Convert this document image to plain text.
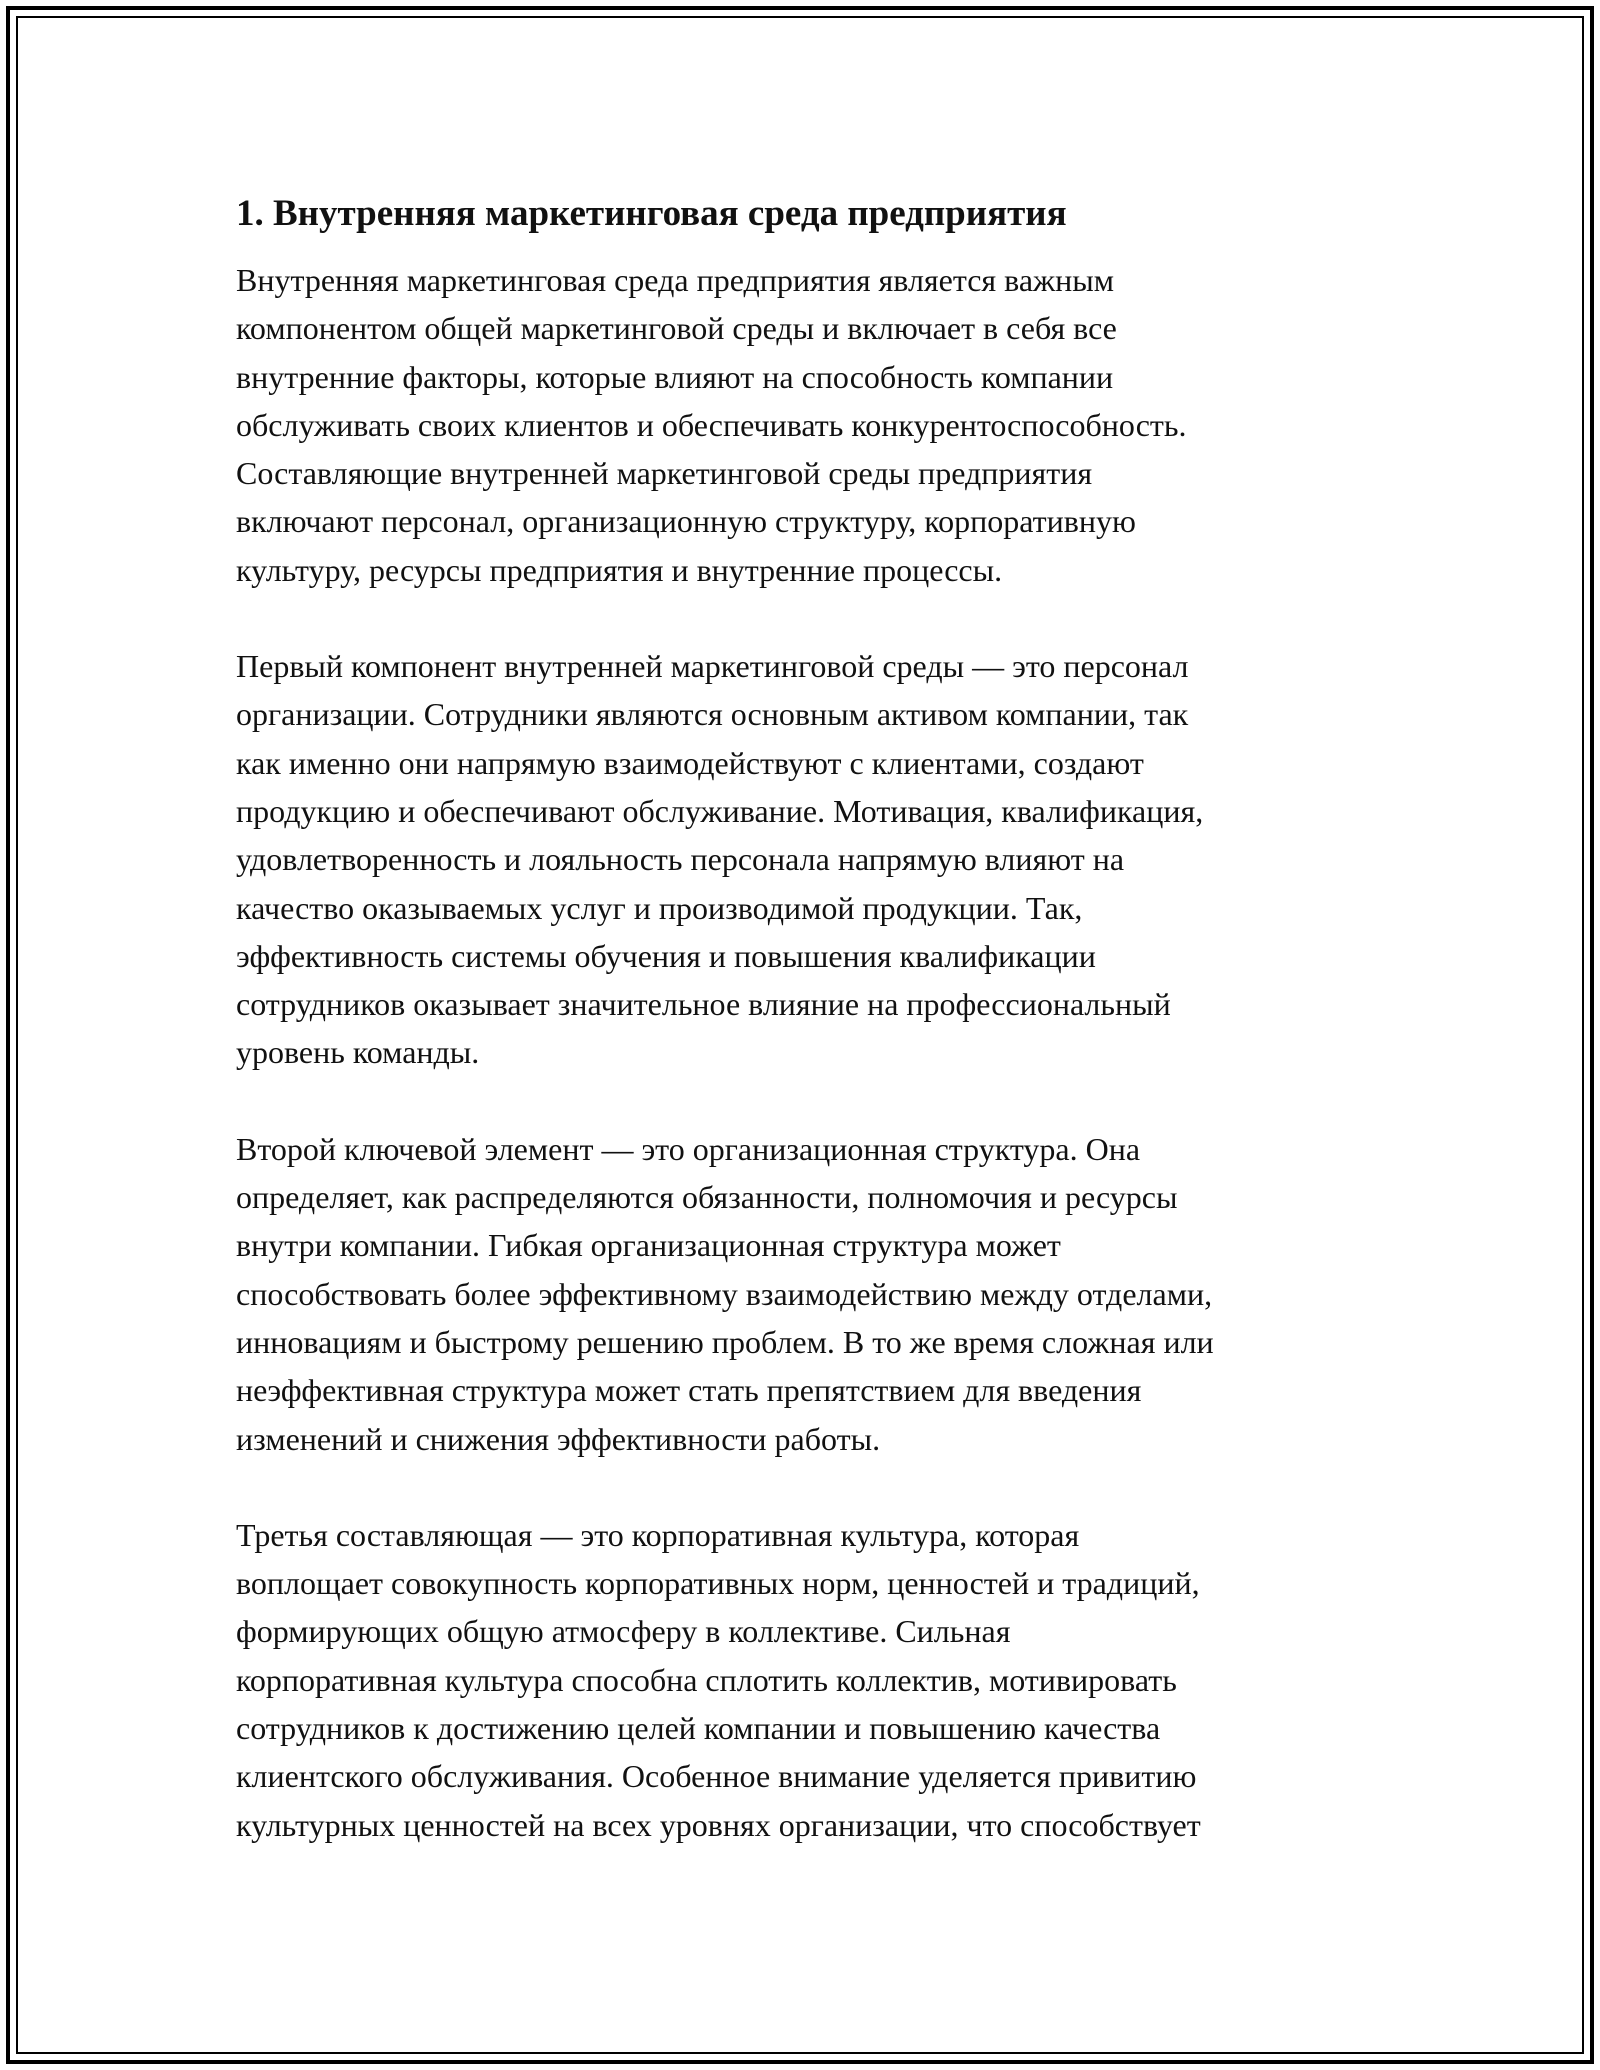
1. Внутренняя маркетинговая среда предприятия

Внутренняя маркетинговая среда предприятия является важным
компонентом общей маркетинговой среды и включает в себя все
внутренние факторы, которые влияют на способность компании
обслуживать своих клиентов и обеспечивать конкурентоспособность.
Составляющие внутренней маркетинговой среды предприятия
включают персонал, организационную структуру, корпоративную
культуру, ресурсы предприятия и внутренние процессы.

Первый компонент внутренней маркетинговой среды — это персонал
организации. Сотрудники являются основным активом компании, так
как именно они напрямую взаимодействуют с клиентами, создают
продукцию и обеспечивают обслуживание. Мотивация, квалификация,
удовлетворенность и лояльность персонала напрямую влияют на
качество оказываемых услуг и производимой продукции. Так,
эффективность системы обучения и повышения квалификации
сотрудников оказывает значительное влияние на профессиональный
уровень команды.

Второй ключевой элемент — это организационная структура. Она
определяет, как распределяются обязанности, полномочия и ресурсы
внутри компании. Гибкая организационная структура может
способствовать более эффективному взаимодействию между отделами,
инновациям и быстрому решению проблем. В то же время сложная или
неэффективная структура может стать препятствием для введения
изменений и снижения эффективности работы.

Третья составляющая — это корпоративная культура, которая
воплощает совокупность корпоративных норм, ценностей и традиций,
формирующих общую атмосферу в коллективе. Сильная
корпоративная культура способна сплотить коллектив, мотивировать
сотрудников к достижению целей компании и повышению качества
клиентского обслуживания. Особенное внимание уделяется привитию
культурных ценностей на всех уровнях организации, что способствует
